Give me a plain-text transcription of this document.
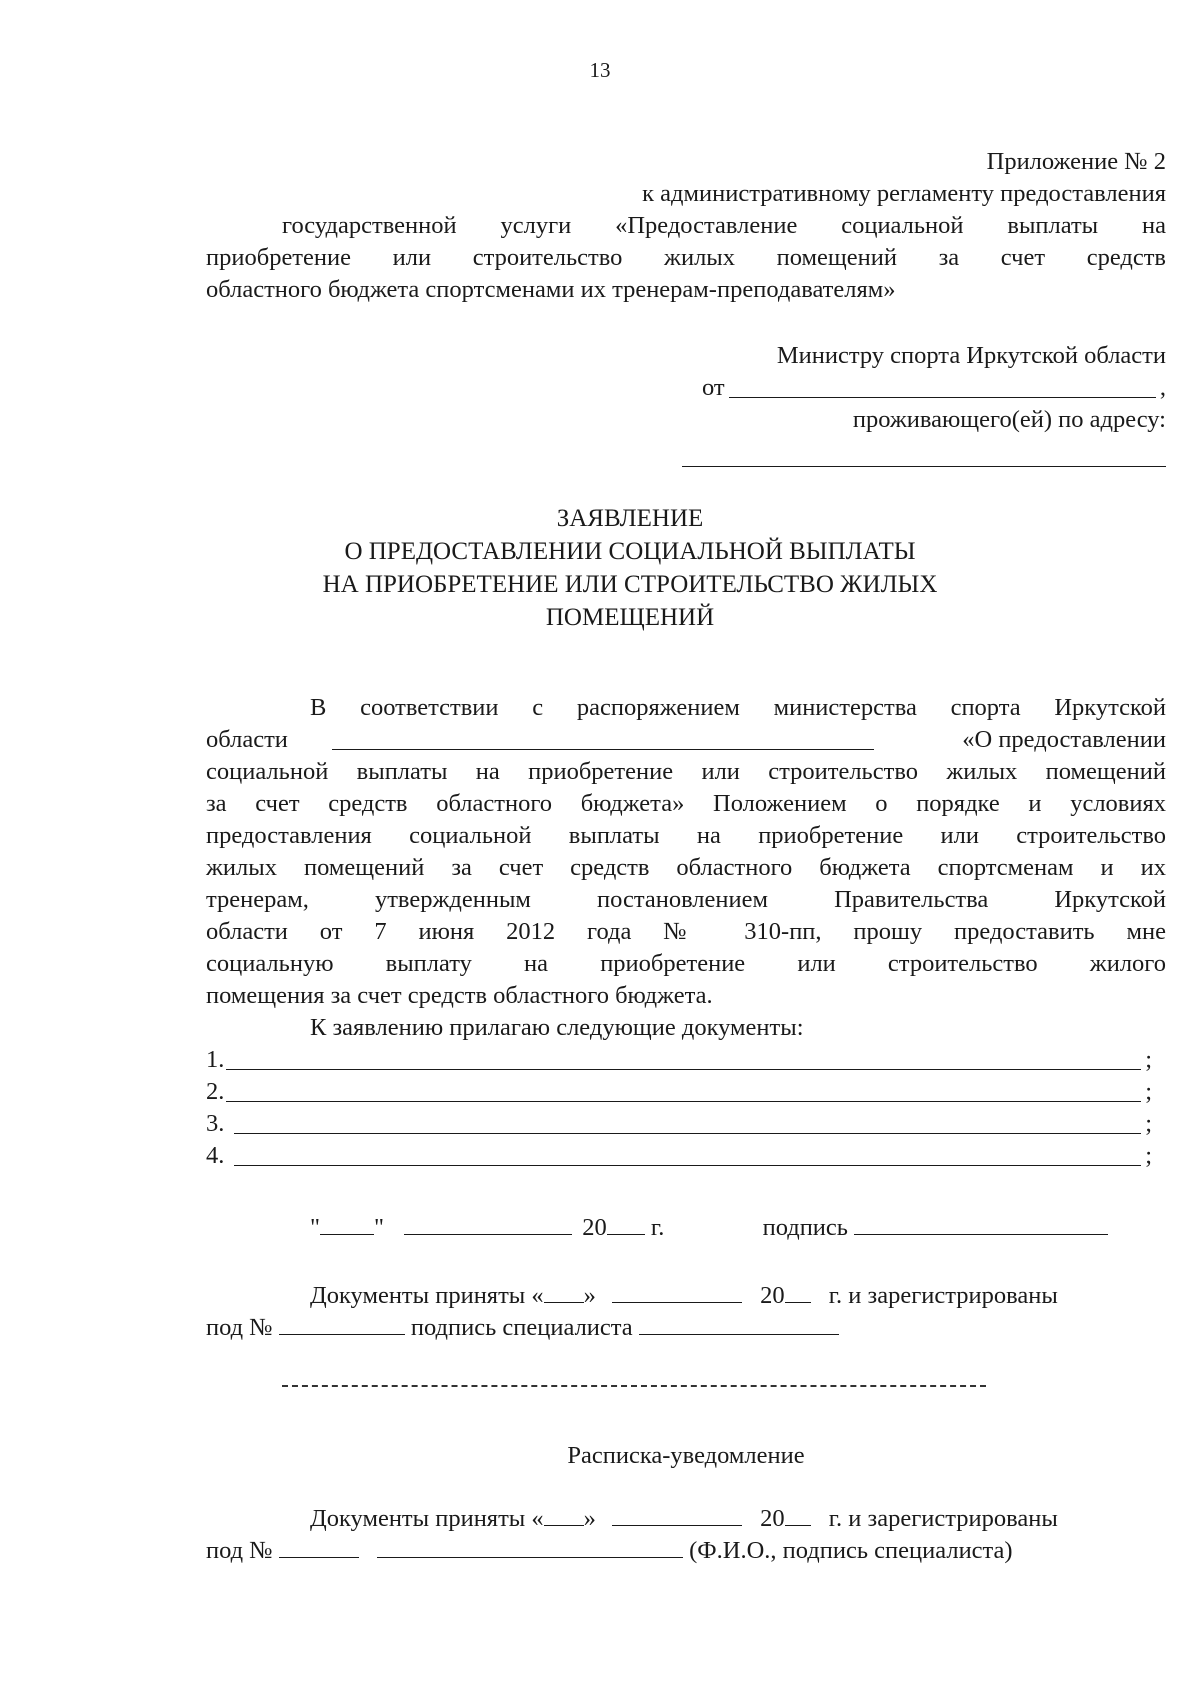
13
Приложение № 2
к административному регламенту предоставления
государственной услуги «Предоставление социальной выплаты на
приобретение или строительство жилых помещений за счет средств
областного бюджета спортсменами их тренерам-преподавателям»
Министру спорта Иркутской области
от	,
проживающего(ей) по адресу:
ЗАЯВЛЕНИЕ
О ПРЕДОСТАВЛЕНИИ СОЦИАЛЬНОЙ ВЫПЛАТЫ
НА ПРИОБРЕТЕНИЕ ИЛИ СТРОИТЕЛЬСТВО ЖИЛЫХ
ПОМЕЩЕНИЙ
В соответствии с распоряжением министерства спорта Иркутской
области	«О предоставлении
социальной выплаты на приобретение или строительство жилых помещений
за счет средств областного бюджета» Положением о порядке и условиях
предоставления социальной выплаты на приобретение или строительство
жилых помещений за счет средств областного бюджета спортсменам и их
тренерам, утвержденным постановлением Правительства Иркутской
области от 7 июня 2012 года № 310-пп, прошу предоставить мне
социальную выплату на приобретение или строительство жилого
помещения за счет средств областного бюджета.
К заявлению прилагаю следующие документы:
1.	;
2.	;
3.	;
4.	;
" "	20 г.	подпись
Документы приняты « »	20 г. и зарегистрированы
под №	подпись специалиста
Расписка-уведомление
Документы приняты « »	20 г. и зарегистрированы
под №	(Ф.И.О., подпись специалиста)
